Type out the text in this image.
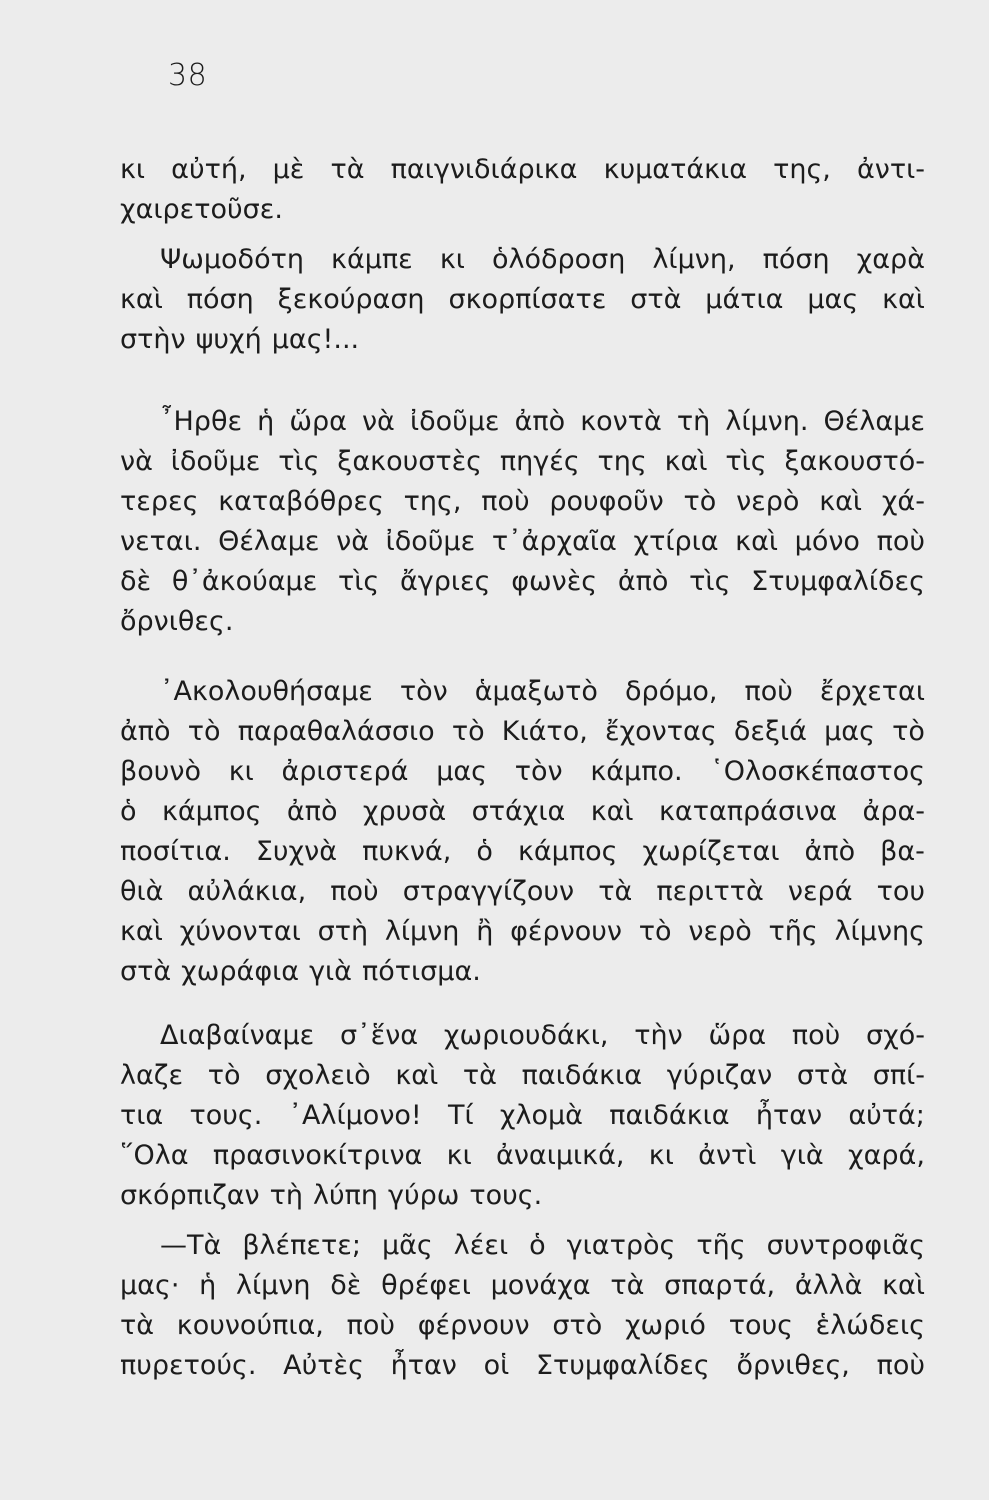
38
κι αὐτή, μὲ τὰ παιγνιδιάρικα κυματάκια της, ἀντι-
χαιρετοῦσε.
Ψωμοδότη κάμπε κι ὁλόδροση λίμνη, πόση χαρὰ
καὶ πόση ξεκούραση σκορπίσατε στὰ μάτια μας καὶ
στὴν ψυχή μας!...
῏Ηρθε ἡ ὥρα νὰ ἰδοῦμε ἀπὸ κοντὰ τὴ λίμνη. Θέλαμε
νὰ ἰδοῦμε τὶς ξακουστὲς πηγές της καὶ τὶς ξακουστό-
τερες καταβόθρες της, ποὺ ρουφοῦν τὸ νερὸ καὶ χά-
νεται. Θέλαμε νὰ ἰδοῦμε τ᾽ἀρχαῖα χτίρια καὶ μόνο ποὺ
δὲ θ᾽ἀκούαμε τὶς ἄγριες φωνὲς ἀπὸ τὶς Στυμφαλίδες
ὄρνιθες.
᾽Ακολουθήσαμε τὸν ἁμαξωτὸ δρόμο, ποὺ ἔρχεται
ἀπὸ τὸ παραθαλάσσιο τὸ Κιάτο, ἔχοντας δεξιά μας τὸ
βουνὸ κι ἀριστερά μας τὸν κάμπο. ῾Ολοσκέπαστος
ὁ κάμπος ἀπὸ χρυσὰ στάχια καὶ καταπράσινα ἀρα-
ποσίτια. Συχνὰ πυκνά, ὁ κάμπος χωρίζεται ἀπὸ βα-
θιὰ αὐλάκια, ποὺ στραγγίζουν τὰ περιττὰ νερά του
καὶ χύνονται στὴ λίμνη ἢ φέρνουν τὸ νερὸ τῆς λίμνης
στὰ χωράφια γιὰ πότισμα.
Διαβαίναμε σ᾽ἕνα χωριουδάκι, τὴν ὥρα ποὺ σχό-
λαζε τὸ σχολειὸ καὶ τὰ παιδάκια γύριζαν στὰ σπί-
τια τους. ᾽Αλίμονο! Τί χλομὰ παιδάκια ἦταν αὐτά;
῞Ολα πρασινοκίτρινα κι ἀναιμικά, κι ἀντὶ γιὰ χαρά,
σκόρπιζαν τὴ λύπη γύρω τους.
—Τὰ βλέπετε; μᾶς λέει ὁ γιατρὸς τῆς συντροφιᾶς
μας· ἡ λίμνη δὲ θρέφει μονάχα τὰ σπαρτά, ἀλλὰ καὶ
τὰ κουνούπια, ποὺ φέρνουν στὸ χωριό τους ἑλώδεις
πυρετούς. Αὐτὲς ἦταν οἱ Στυμφαλίδες ὄρνιθες, ποὺ
